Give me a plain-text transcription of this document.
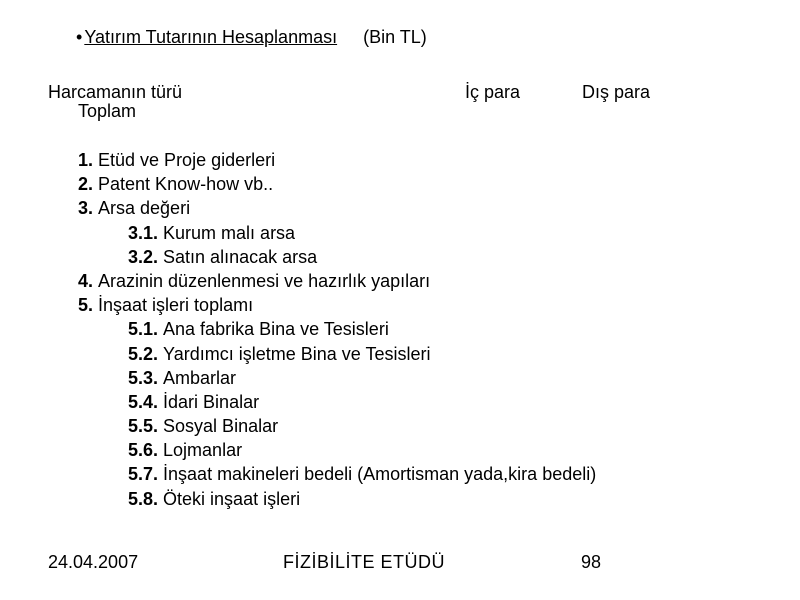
• Yatırım Tutarının Hesaplanması (Bin TL)
Harcamanın türü	İç para	Dış para
Toplam
1. Etüd ve Proje giderleri
2. Patent Know-how vb..
3. Arsa değeri
3.1. Kurum malı arsa
3.2. Satın alınacak arsa
4. Arazinin düzenlenmesi ve hazırlık yapıları
5. İnşaat işleri toplamı
5.1. Ana fabrika Bina ve Tesisleri
5.2. Yardımcı işletme Bina ve Tesisleri
5.3. Ambarlar
5.4. İdari Binalar
5.5. Sosyal Binalar
5.6. Lojmanlar
5.7. İnşaat makineleri bedeli (Amortisman yada,kira bedeli)
5.8. Öteki inşaat işleri
24.04.2007	FİZİBİLİTE ETÜDÜ	98
